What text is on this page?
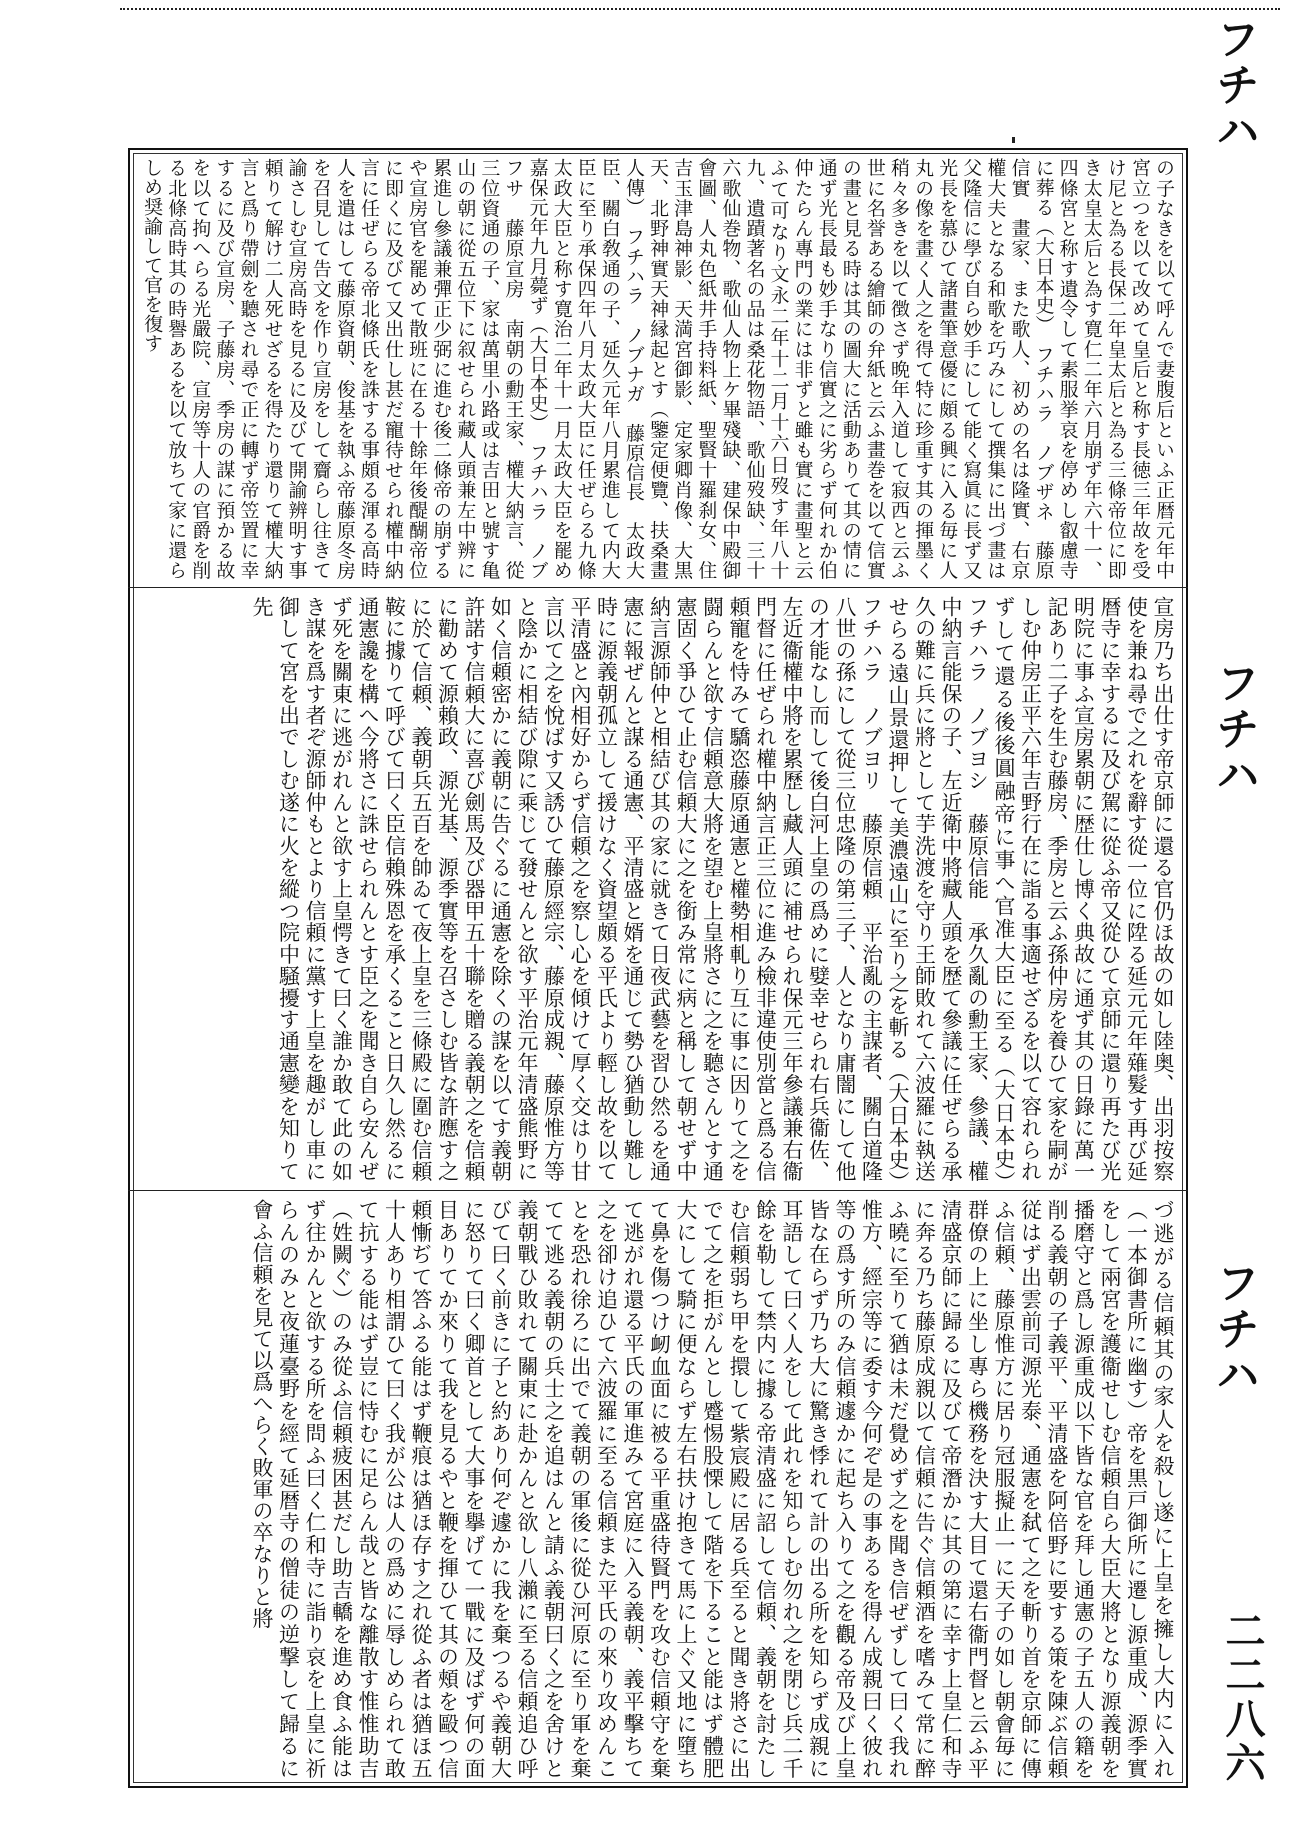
フチハ
フチハ
フチハ
二二八六

の子なきを以て呼んで妻腹后といふ正暦元年中宮立つを以て改めて皇后と称す長徳三年故を受け尼と為る長保二年皇太后と為る三條帝位に即き太皇太后と為す寛仁二年六月崩ず年六十一、四條宮と称す遺令して素服挙哀を停めし叡慮寺に葬る（大日本史）　フチハラ　ノブザネ　藤原信實　畫家、また歌人、初めの名は隆實、右京權大夫となる和歌を巧みにして撰集に出づ畫は父隆信に學び自ら妙手にして能く寫眞に長ず又光長を慕ひて諸畫筆意優に頗る興に入る毎に人丸の像を畫く人之を得て特に珍重す其の揮墨く稍々多きを以て徴さず晩年入道して寂西と云ふ世に名誉ある繪師の弁紙と云ふ畫巻を以て信實の畫と見る時は其の圖大に活動ありて其の情に通ず光長最も妙手なり信實之に劣らず何れか伯仲たらん專門の業には非ずと雖も實に畫聖と云ふて可なり文永二年十二月十六日歿す年八十九、遺蹟著名の品は桑花物語、歌仙歿缺、三十六歌仙巻物、歌仙人物上ケ畢殘缺、建保中殿御會圖、人丸色紙井手持料紙、聖賢十羅刹女、住吉玉津島神影、天満宮御影、定家卿肖像、大黒天、北野神實天神縁起とす（鑒定便覽、扶桑畫人傳）　フチハラ　ノブナガ　藤原信長　太政大臣、關白敎通の子、延久元年八月累進して内大臣に至り承保四年八月太政大臣に任ぜらる九條太政大臣と称す寛治二年十一月太政大臣を罷め嘉保元年九月薨ず（大日本史）　フチハラ　ノブフサ　藤原宣房　南朝の勳王家、權大納言、從三位資通の子、家は萬里小路或は吉田と號す亀山の朝に從五位下に叙せられ藏人頭兼左中辨に累進し參議兼彈正少弼に進む後二條帝の崩ずるや宣房官を罷めて散班に在る十餘年後醍醐帝位に即くに及びて又出仕し甚だ寵待せられ權中納言に任ぜらる帝北條氏を誅する事頗る渾る高時人を遣はして藤原資朝、俊基を執ふ帝藤原冬房を召見して告文を作り宣房をして齎らし往きて諭さしむ宣房高時を見るに及びて開諭辨明す事頼りて解け二人死せざるを得たり還りて權大納言と爲り帶劍を聽され尋で正に轉ず帝笠置に幸するに及び宣房、子藤房、季房の謀に預かる故を以て拘へらる光嚴院、宣房等十人の官爵を削る北條高時其の時譽あるを以て放ちて家に還らしめ奨諭して官を復す

宣房乃ち出仕す帝京師に還る官仍ほ故の如し陸奥、出羽按察使を兼ね尋で之れを辭す從一位に陞る延元元年薙髮す再び延暦寺に幸するに及び駕に從ふ帝又從ひて京師に還り再たび光明院に事ふ宣房累朝に歴仕し博く典故に通ず其の日錄に萬一記あり二子を生む藤房、季房と云ふ孫仲房を養ひて家を嗣がしむ仲房正平六年吉野行在に詣る事適せざるを以て容れられずして還る後後圓融帝に事へ官准大臣に至る（大日本史）　フチハラ　ノブヨシ　藤原信能　承久亂の勳王家、參議、權中納言能保の子、左近衛中將藏人頭を歴て參議に任ぜらる承久の難に兵に將として芋洗渡を守り王師敗れて六波羅に執送せらる遠山景還押して美濃遠山に至り之を斬る（大日本史）　フチハラ　ノブヨリ　藤原信頼　平治亂の主謀者、關白道隆八世の孫にして從三位忠隆の第三子、人となり庸闇にして他の才能なし而して後白河上皇の爲めに嬖幸せられ右兵衞佐、左近衞權中將を累歷し藏人頭に補せられ保元三年參議兼右衞門督に任ぜられ權中納言正三位に進み檢非違使別當と爲る信頼寵を恃みて驕恣藤原通憲と權勢相軋り互に事に因りて之を闘らんと欲す信頼意大將を望む上皇將さに之を聽さんとす通憲固く爭ひて止む信頼大に之を銜み常に病と稱して朝せず中納言源師仲と相結び其の家に就きて日夜武藝を習ひ然るを通憲に報ぜんと謀る通憲、平清盛と婿を通じて勢ひ猶動し難し時に源義朝孤立して援けなく資望頗る平氏より輕し故を以て平清盛と內相好からず信頼之を察し心を傾けて厚く交はり甘言以て之を悅ばす又誘ひて藤原經宗、藤原成親、藤原惟方等と陰かに相結び隙に乘じて發せんと欲す平治元年清盛熊野に如く信頼密かに義朝に告ぐるに通憲を除くの謀を以てす義朝許諾す信頼大に喜び劍馬及び器甲五十聯を贈る義朝之を信頼に勸めて源賴政、源光基、源季實等を召さしむ皆な許應す之に於て信頼、義朝兵五百を帥ゐて夜上皇を三條殿に圍む信頼鞍に據りて呼びて曰く臣信賴殊恩を承くること日久し然るに通憲讒を構へ今將さに誅せられんとす臣之を聞き自ら安んぜず死を關東に逃がれんと欲す上皇愕きて曰く誰か敢て此の如き謀を爲す者ぞ源師仲もとより信頼に黨す上皇を趣がし車に御して宮を出でしむ遂に火を縱つ院中騒擾す通憲變を知りて先

づ逃がる信頼其の家人を殺し遂に上皇を擁し大内に入れ（一本御書所に幽す）帝を黒戸御所に遷し源重成、源季實をして兩宮を護衞せしむ信頼自ら大臣大將となり源義朝を播磨守と爲し源重成以下皆な官を拜し通憲の子五人の籍を削る義朝の子義平、平清盛を阿倍野に要する策を陳ぶ信頼従はず出雲前司源光泰、通憲を弑て之を斬り首を京師に傳ふ信頼、藤原惟方に居り冠服擬止一に天子の如し朝會毎に群僚の上に坐し專ら機務を決す大目て還右衞門督と云ふ平清盛京師に歸るに及びて帝潛かに其の第に幸す上皇仁和寺に奔る乃ち藤原成親以て信頼に告ぐ信頼酒を嗜みて常に醉ふ曉に至りて猶は未だ覺めず之を聞き信ぜずして曰く我れ惟方、經宗等に委す今何ぞ是の事あるを得ん成親曰く彼れ等の爲す所のみ信頼遽かに起ち入りて之を觀る帝及び上皇皆な在らず乃ち大に驚き悸れて計の出る所を知らず成親に耳語して曰く人をして此れを知らしむ勿れ之を閉じ兵二千餘を勒して禁内に據る帝清盛に詔して信頼、義朝を討たしむ信頼弱ち甲を擐して紫宸殿に居る兵至ると聞き將さに出でて之を拒がんとし蹙惕股慄して階を下ること能はず體肥大にして騎に便ならず左右扶け抱きて馬に上ぐ又地に墮ちて鼻を傷つけ衂血面に被る平重盛待賢門を攻む信頼守を棄て逃がれ還る平氏の軍進みて宮庭に入る義朝、義平擊ちて之を卻け追ひて六波羅に至る信頼また平氏の來り攻めんことを恐れ徐ろに出でて義朝の軍後に從ひ河原に至り軍を棄てて逃る義朝の兵士之を追はんと請ふ義朝曰く之を舍けと義朝戰ひ敗れて關東に赴かんと欲し八瀨に至る信頼追ひ呼びて曰く前きに子と約あり何ぞ遽かに我を棄つるや義朝大に怒りて曰く卿首として大事を擧げて一戰に及ばず何の面目ありてか來りて我を見るやと鞭を揮ひて其の頰を毆つ信頼慚ぢて答ふる能はず鞭痕は猶ほ存す之れ從ふ者は猶ほ五十人あり相謂ひて曰く我が公は人の爲めに辱しめられて敢て抗する能はず豈に恃むに足らん哉と皆な離散す惟惟助吉（姓闕ぐ）のみ從ふ信頼疲困甚だし助吉轎を進め食ふ能はず往かんと欲する所を問ふ曰く仁和寺に詣り哀を上皇に祈らんのみと夜蓮臺野を經て延暦寺の僧徒の逆撃して歸るに會ふ信頼を見て以爲へらく敗軍の卒なりと將
